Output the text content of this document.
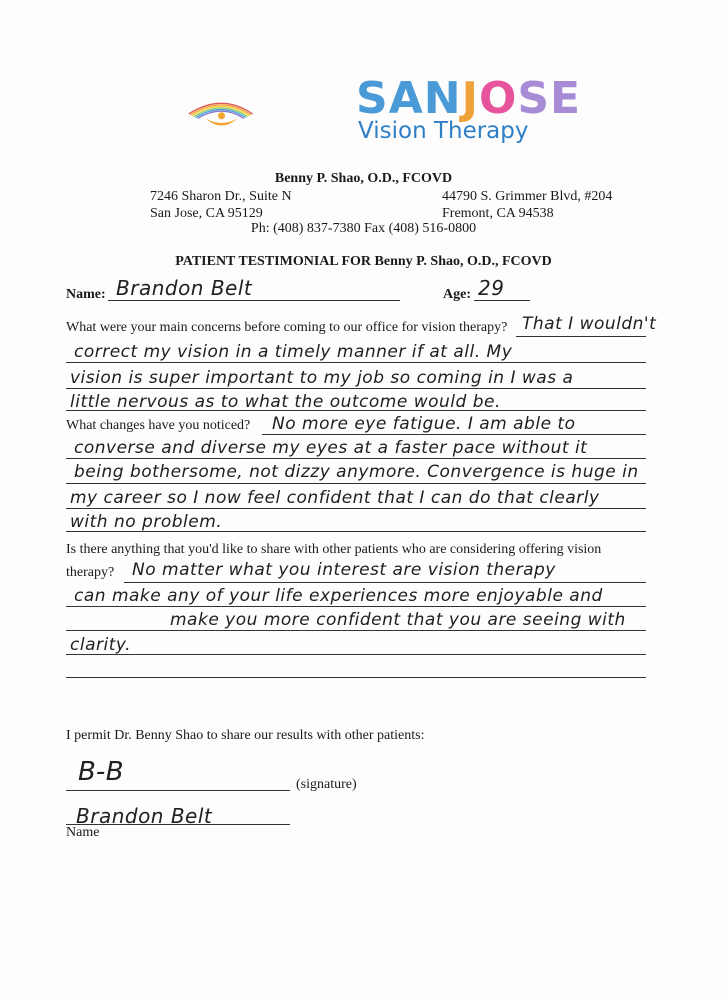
SANJOSE
Vision Therapy
Benny P. Shao, O.D., FCOVD
7246 Sharon Dr., Suite N
San Jose, CA 95129
44790 S. Grimmer Blvd, #204
Fremont, CA 94538
Ph: (408) 837-7380 Fax (408) 516-0800
PATIENT TESTIMONIAL FOR Benny P. Shao, O.D., FCOVD
Name: Brandon Belt	Age: 29
What were your main concerns before coming to our office for vision therapy? That I wouldn't
correct my vision in a timely manner if at all. My
vision is super important to my job so coming in I was a
little nervous as to what the outcome would be.
What changes have you noticed? No more eye fatigue. I am able to
converse and diverse my eyes at a faster pace without it
being bothersome, not dizzy anymore. Convergence is huge in
my career so I now feel confident that I can do that clearly
with no problem.
Is there anything that you'd like to share with other patients who are considering offering vision
therapy? No matter what you interest are vision therapy
can make any of your life experiences more enjoyable and
make you more confident that you are seeing with
clarity.
I permit Dr. Benny Shao to share our results with other patients:
B-B	(signature)
Brandon Belt
Name
